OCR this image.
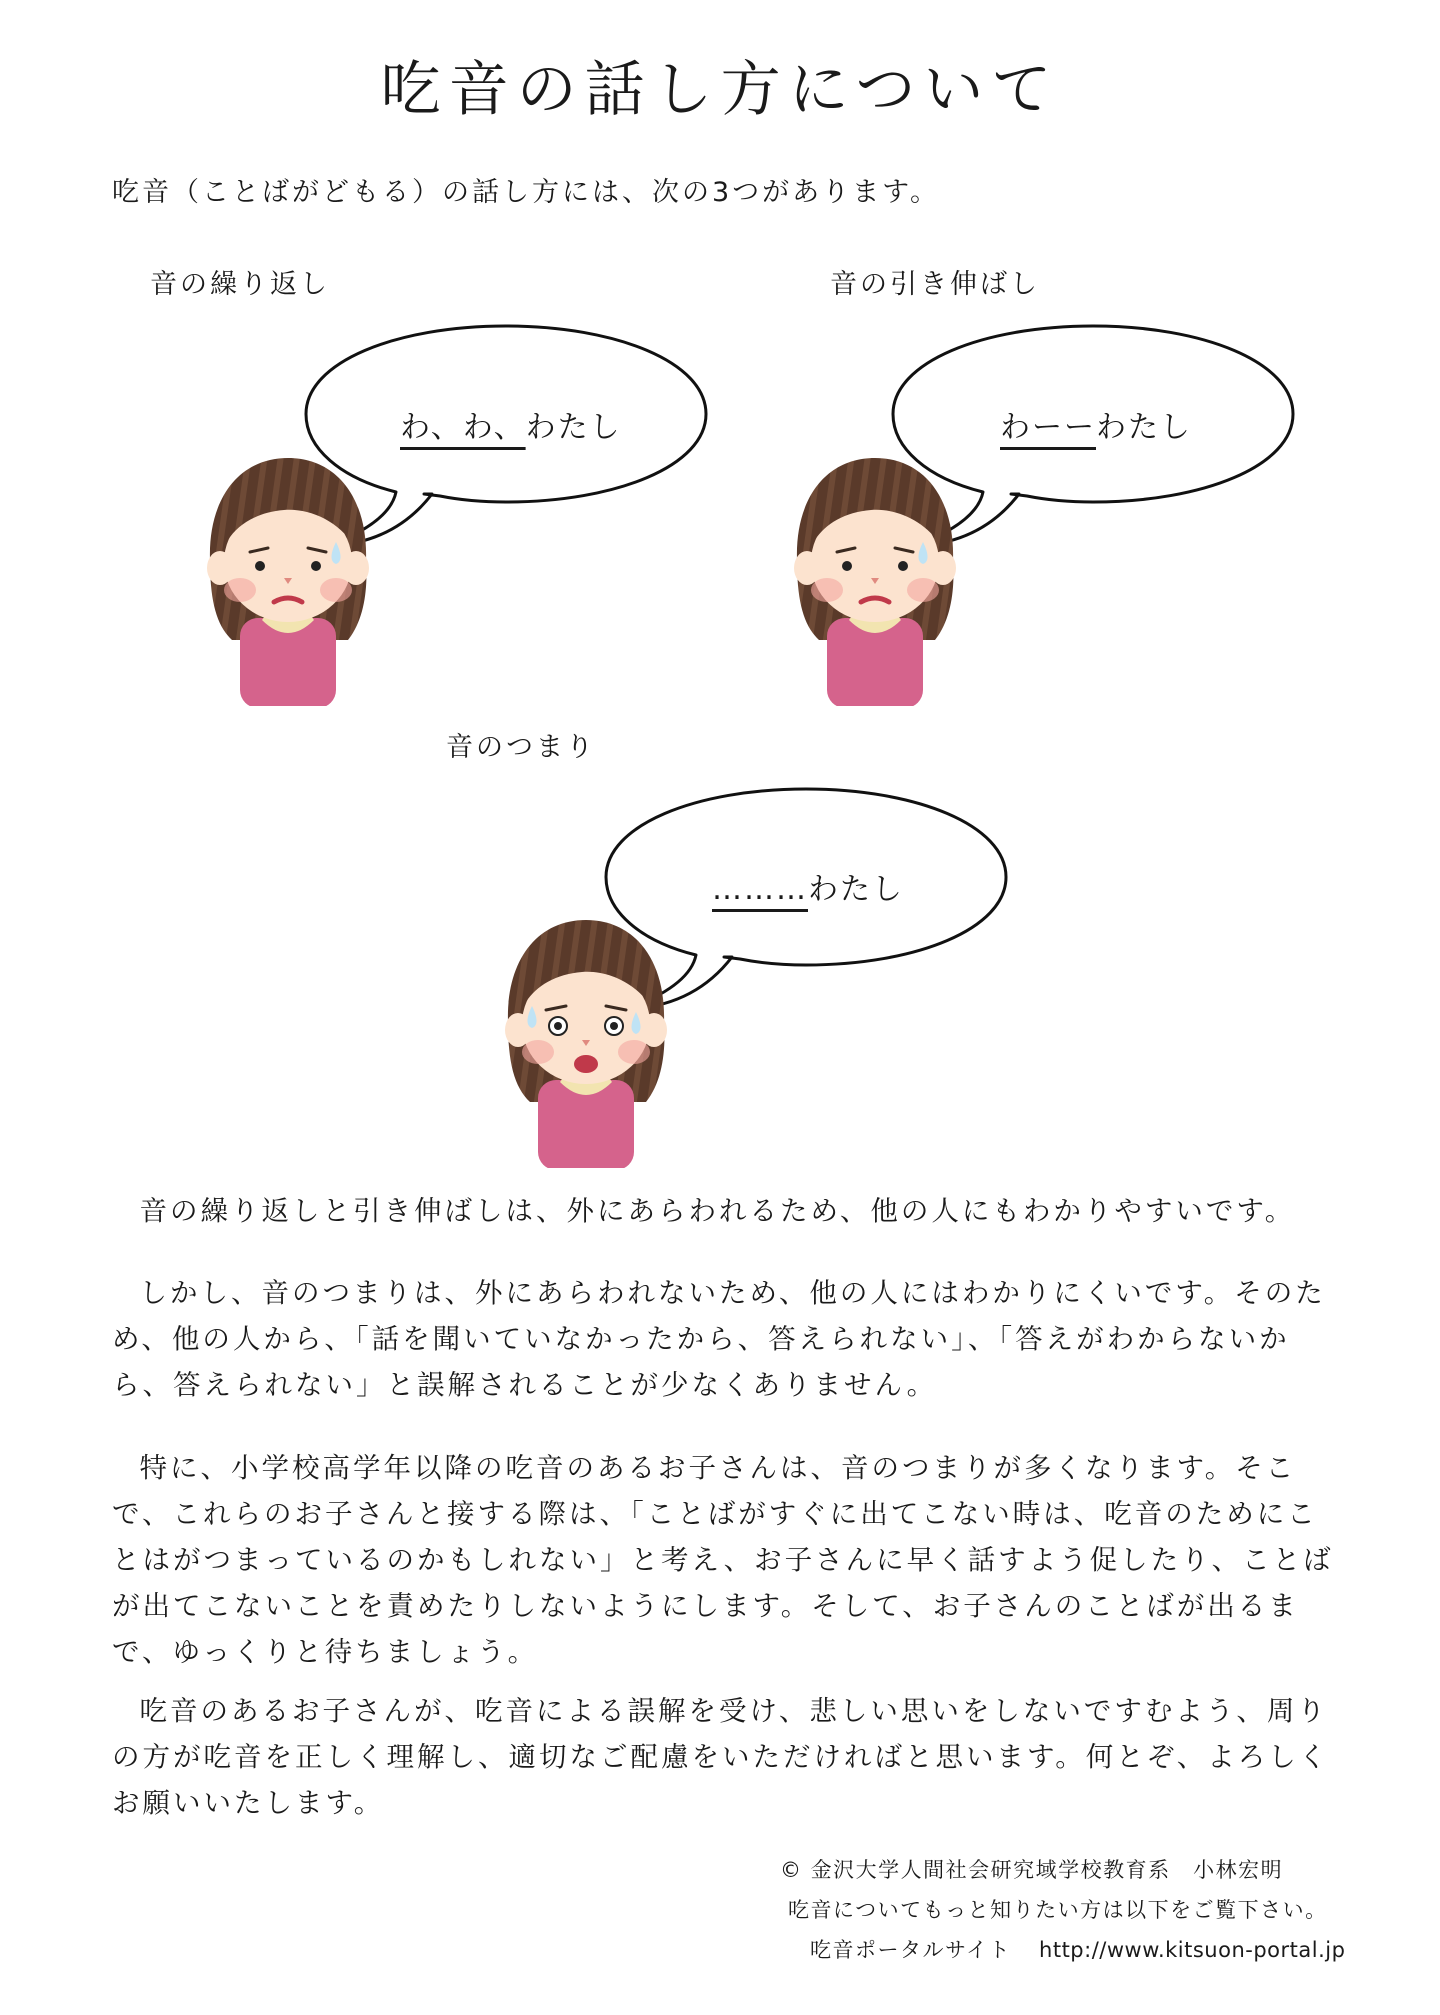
吃音の話し方について
吃音（ことばがどもる）の話し方には、次の3つがあります。
音の繰り返し
わ、わ、わたし
音の引き伸ばし
わーーわたし
音のつまり
………わたし

音の繰り返しと引き伸ばしは、外にあらわれるため、他の人にもわかりやすいです。

しかし、音のつまりは、外にあらわれないため、他の人にはわかりにくいです。そのため、他の人から、「話を聞いていなかったから、答えられない」、「答えがわからないから、答えられない」と誤解されることが少なくありません。

特に、小学校高学年以降の吃音のあるお子さんは、音のつまりが多くなります。そこで、これらのお子さんと接する際は、「ことばがすぐに出てこない時は、吃音のためにことはがつまっているのかもしれない」と考え、お子さんに早く話すよう促したり、ことばが出てこないことを責めたりしないようにします。そして、お子さんのことばが出るまで、ゆっくりと待ちましょう。

吃音のあるお子さんが、吃音による誤解を受け、悲しい思いをしないですむよう、周りの方が吃音を正しく理解し、適切なご配慮をいただければと思います。何とぞ、よろしくお願いいたします。

© 金沢大学人間社会研究域学校教育系　小林宏明
吃音についてもっと知りたい方は以下をご覧下さい。
吃音ポータルサイト http://www.kitsuon-portal.jp
